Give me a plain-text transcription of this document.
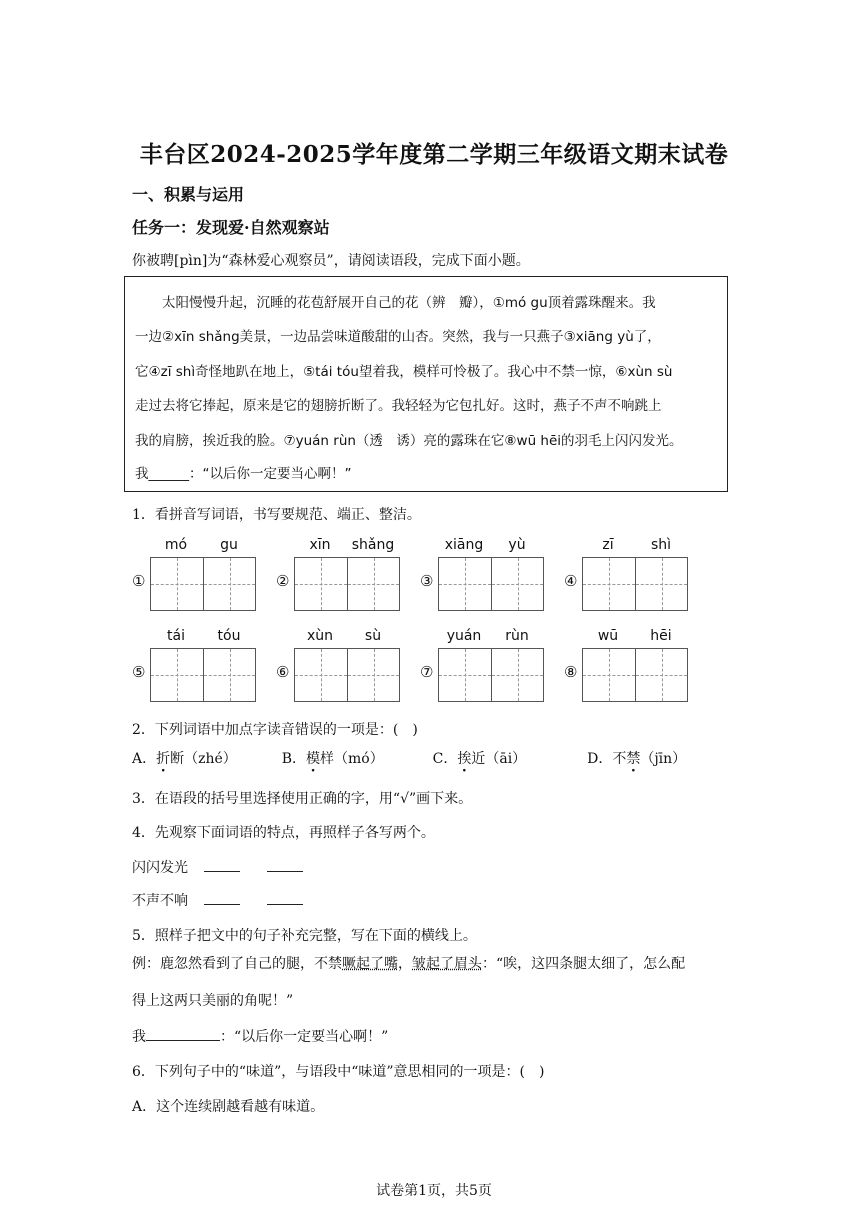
丰台区2024-2025学年度第二学期三年级语文期末试卷
一、积累与运用
任务一：发现爱·自然观察站
你被聘[pìn]为“森林爱心观察员”，请阅读语段，完成下面小题。
　　太阳慢慢升起，沉睡的花苞舒展开自己的花（辨　瓣），①mó gu顶着露珠醒来。我
一边②xīn shǎng美景，一边品尝味道酸甜的山杏。突然，我与一只燕子③xiāng yù了，
它④zī shì奇怪地趴在地上，⑤tái tóu望着我，模样可怜极了。我心中不禁一惊，⑥xùn sù
走过去将它捧起，原来是它的翅膀折断了。我轻轻为它包扎好。这时，燕子不声不响跳上
我的肩膀，挨近我的脸。⑦yuán rùn（透　诱）亮的露珠在它⑧wū hēi的羽毛上闪闪发光。
我______：“以后你一定要当心啊！”
1．看拼音写词语，书写要规范、端正、整洁。
①
mó	gu
②
xīn	shǎng
③
xiāng	yù
④
zī	shì
⑤
tái	tóu
⑥
xùn	sù
⑦
yuán	rùn
⑧
wū	hēi
2．下列词语中加点字读音错误的一项是：(　)
A．折断（zhé）	B．模样（mó）	C．挨近（āi）	D．不禁（jīn）
3．在语段的括号里选择使用正确的字，用“√”画下来。
4．先观察下面词语的特点，再照样子各写两个。
闪闪发光
不声不响
5．照样子把文中的句子补充完整，写在下面的横线上。
例：鹿忽然看到了自己的腿，不禁噘起了嘴，皱起了眉头：“唉，这四条腿太细了，怎么配
得上这两只美丽的角呢！”
我	：“以后你一定要当心啊！”
6．下列句子中的“味道”，与语段中“味道”意思相同的一项是：(　)
A．这个连续剧越看越有味道。
试卷第1页，共5页
